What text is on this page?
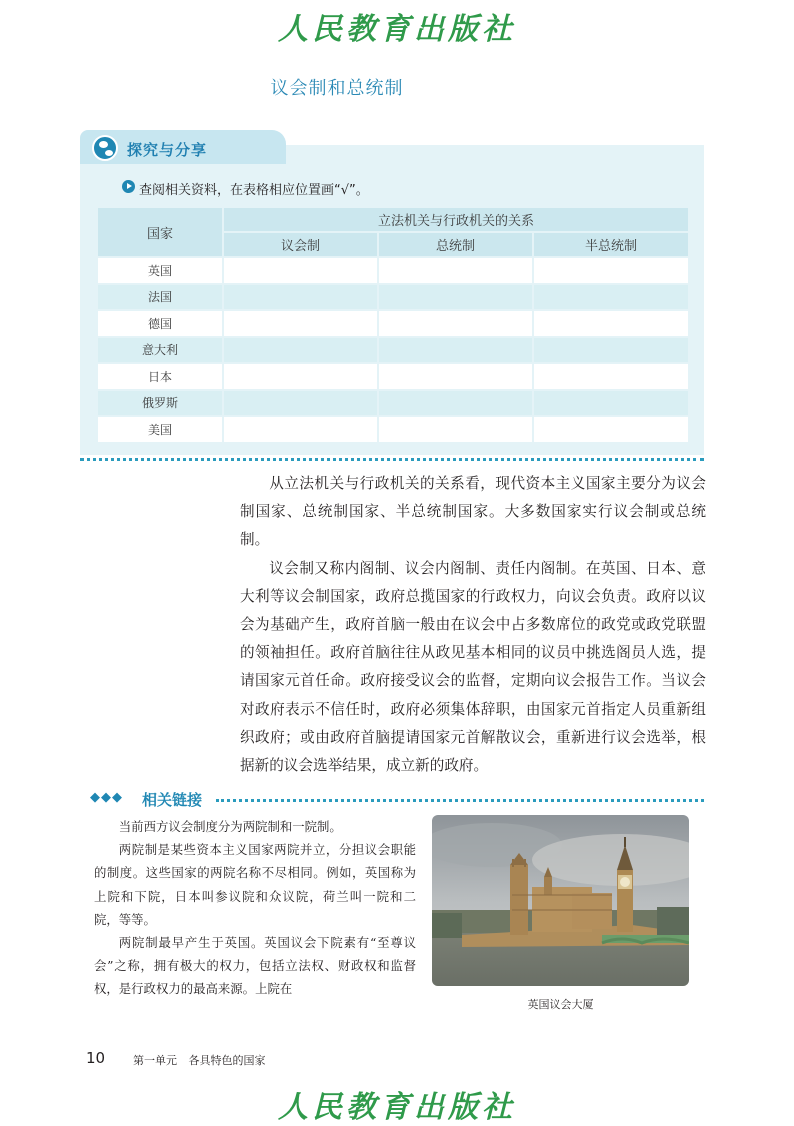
人民教育出版社
议会制和总统制
探究与分享
查阅相关资料，在表格相应位置画“√”。
国家	立法机关与行政机关的关系		
	议会制	总统制	半总统制
英国			
法国			
德国			
意大利			
日本			
俄罗斯			
美国			

从立法机关与行政机关的关系看，现代资本主义国家主要分为议会制国家、总统制国家、半总统制国家。大多数国家实行议会制或总统制。

议会制又称内阁制、议会内阁制、责任内阁制。在英国、日本、意大利等议会制国家，政府总揽国家的行政权力，向议会负责。政府以议会为基础产生，政府首脑一般由在议会中占多数席位的政党或政党联盟的领袖担任。政府首脑往往从政见基本相同的议员中挑选阁员人选，提请国家元首任命。政府接受议会的监督，定期向议会报告工作。当议会对政府表示不信任时，政府必须集体辞职，由国家元首指定人员重新组织政府；或由政府首脑提请国家元首解散议会，重新进行议会选举，根据新的议会选举结果，成立新的政府。

◆◆◆ 相关链接

当前西方议会制度分为两院制和一院制。

两院制是某些资本主义国家两院并立，分担议会职能的制度。这些国家的两院名称不尽相同。例如，英国称为上院和下院，日本叫参议院和众议院，荷兰叫一院和二院，等等。

两院制最早产生于英国。英国议会下院素有“至尊议会”之称，拥有极大的权力，包括立法权、财政权和监督权，是行政权力的最高来源。上院在

英国议会大厦
10	第一单元 各具特色的国家
人民教育出版社
